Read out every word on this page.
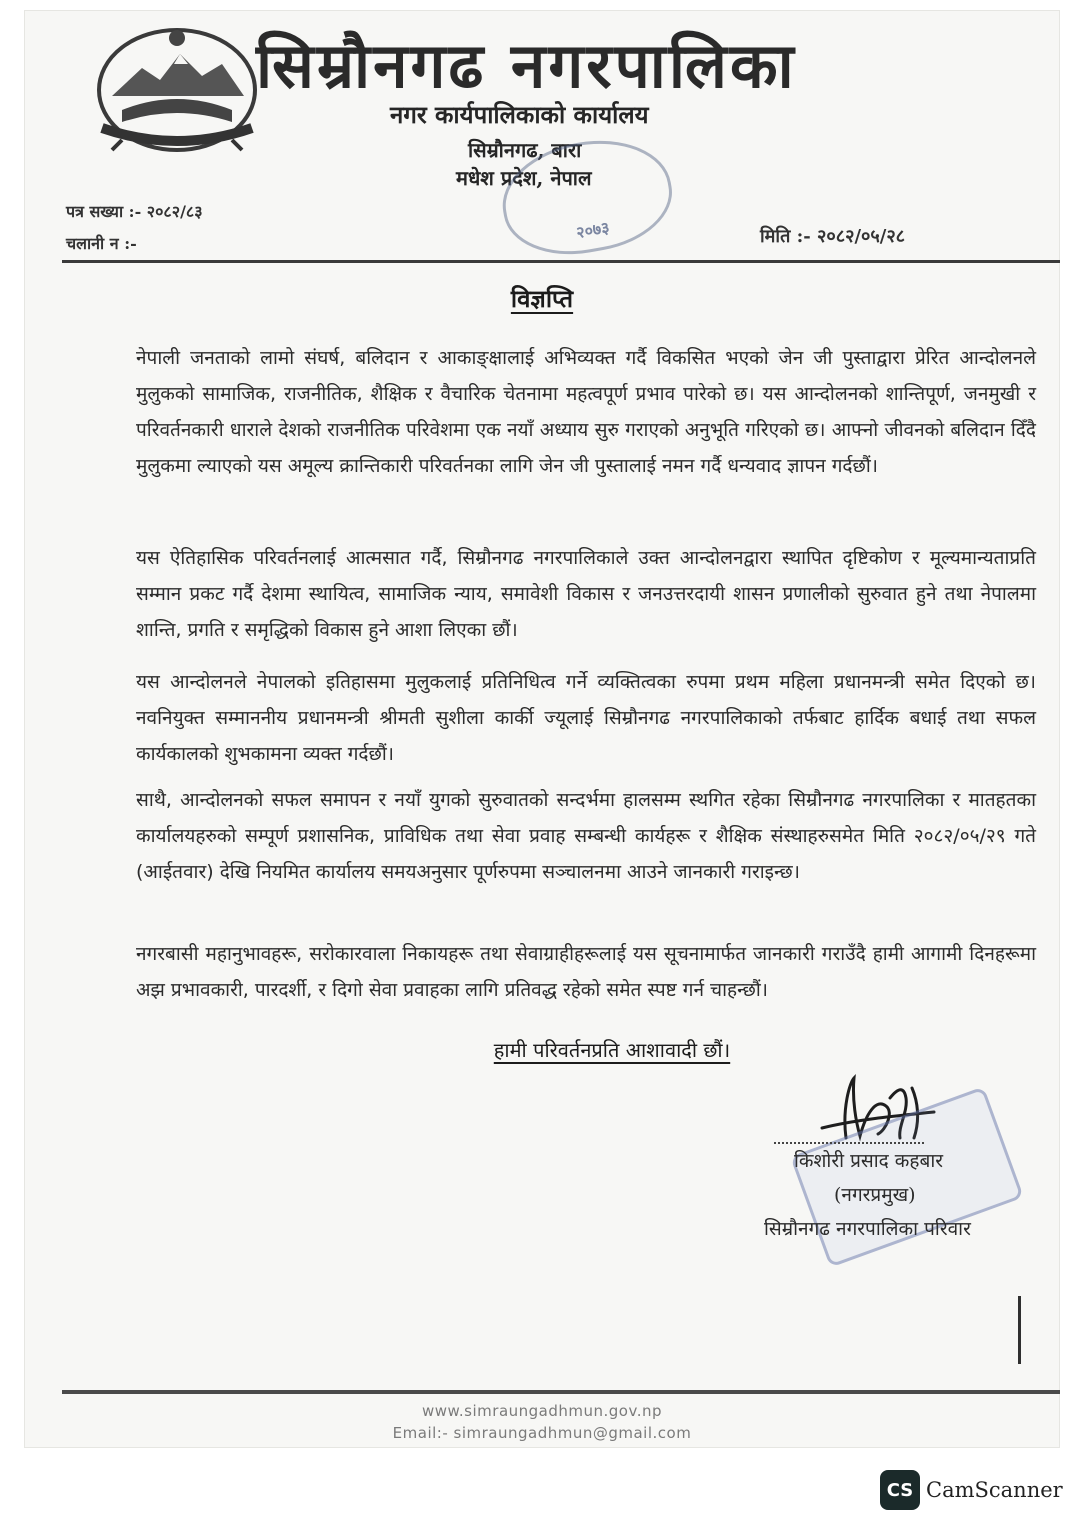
सिम्रौनगढ नगरपालिका
नगर कार्यपालिकाको कार्यालय

सिम्रौनगढ, बारा

मधेश प्रदेश, नेपाल

२०७३

पत्र सख्या :- २०८२/८३

चलानी न :-	मिति :- २०८२/०५/२८

विज्ञप्ति

नेपाली जनताको लामो संघर्ष, बलिदान र आकाङ्क्षालाई अभिव्यक्त गर्दै विकसित भएको जेन जी पुस्ताद्वारा प्रेरित आन्दोलनले मुलुकको सामाजिक, राजनीतिक, शैक्षिक र वैचारिक चेतनामा महत्वपूर्ण प्रभाव पारेको छ। यस आन्दोलनको शान्तिपूर्ण, जनमुखी र परिवर्तनकारी धाराले देशको राजनीतिक परिवेशमा एक नयाँ अध्याय सुरु गराएको अनुभूति गरिएको छ। आफ्नो जीवनको बलिदान दिँदै मुलुकमा ल्याएको यस अमूल्य क्रान्तिकारी परिवर्तनका लागि जेन जी पुस्तालाई नमन गर्दै धन्यवाद ज्ञापन गर्दछौं।

यस ऐतिहासिक परिवर्तनलाई आत्मसात गर्दै, सिम्रौनगढ नगरपालिकाले उक्त आन्दोलनद्वारा स्थापित दृष्टिकोण र मूल्यमान्यताप्रति सम्मान प्रकट गर्दै देशमा स्थायित्व, सामाजिक न्याय, समावेशी विकास र जनउत्तरदायी शासन प्रणालीको सुरुवात हुने तथा नेपालमा शान्ति, प्रगति र समृद्धिको विकास हुने आशा लिएका छौं।

यस आन्दोलनले नेपालको इतिहासमा मुलुकलाई प्रतिनिधित्व गर्ने व्यक्तित्वका रुपमा प्रथम महिला प्रधानमन्त्री समेत दिएको छ। नवनियुक्त सम्माननीय प्रधानमन्त्री श्रीमती सुशीला कार्की ज्यूलाई सिम्रौनगढ नगरपालिकाको तर्फबाट हार्दिक बधाई तथा सफल कार्यकालको शुभकामना व्यक्त गर्दछौं।

साथै, आन्दोलनको सफल समापन र नयाँ युगको सुरुवातको सन्दर्भमा हालसम्म स्थगित रहेका सिम्रौनगढ नगरपालिका र मातहतका कार्यालयहरुको सम्पूर्ण प्रशासनिक, प्राविधिक तथा सेवा प्रवाह सम्बन्धी कार्यहरू र शैक्षिक संस्थाहरुसमेत मिति २०८२/०५/२९ गते (आईतवार) देखि नियमित कार्यालय समयअनुसार पूर्णरुपमा सञ्चालनमा आउने जानकारी गराइन्छ।

नगरबासी महानुभावहरू, सरोकारवाला निकायहरू तथा सेवाग्राहीहरूलाई यस सूचनामार्फत जानकारी गराउँदै हामी आगामी दिनहरूमा अझ प्रभावकारी, पारदर्शी, र दिगो सेवा प्रवाहका लागि प्रतिवद्ध रहेको समेत स्पष्ट गर्न चाहन्छौं।

हामी परिवर्तनप्रति आशावादी छौं।

किशोरी प्रसाद कहबार

(नगरप्रमुख)

सिम्रौनगढ नगरपालिका परिवार

www.simraungadhmun.gov.np

Email:- simraungadhmun@gmail.com

CS CamScanner
